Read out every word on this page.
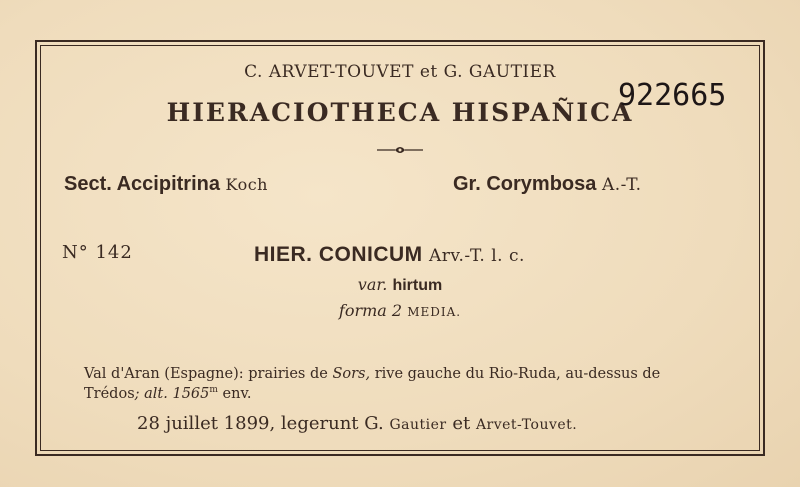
C. ARVET-TOUVET et G. GAUTIER
HIERACIOTHECA HISPAÑICA
922665
Sect. Accipitrina Koch	Gr. Corymbosa A.-T.
N° 142	HIER. CONICUM Arv.-T. l. c.
var. hirtum
forma 2 MEDIA.
Val d'Aran (Espagne): prairies de Sors, rive gauche du Rio-Ruda, au-dessus de
Trédos; alt. 1565$^m$ env.
28 juillet 1899, legerunt G. Gautier et Arvet-Touvet.
